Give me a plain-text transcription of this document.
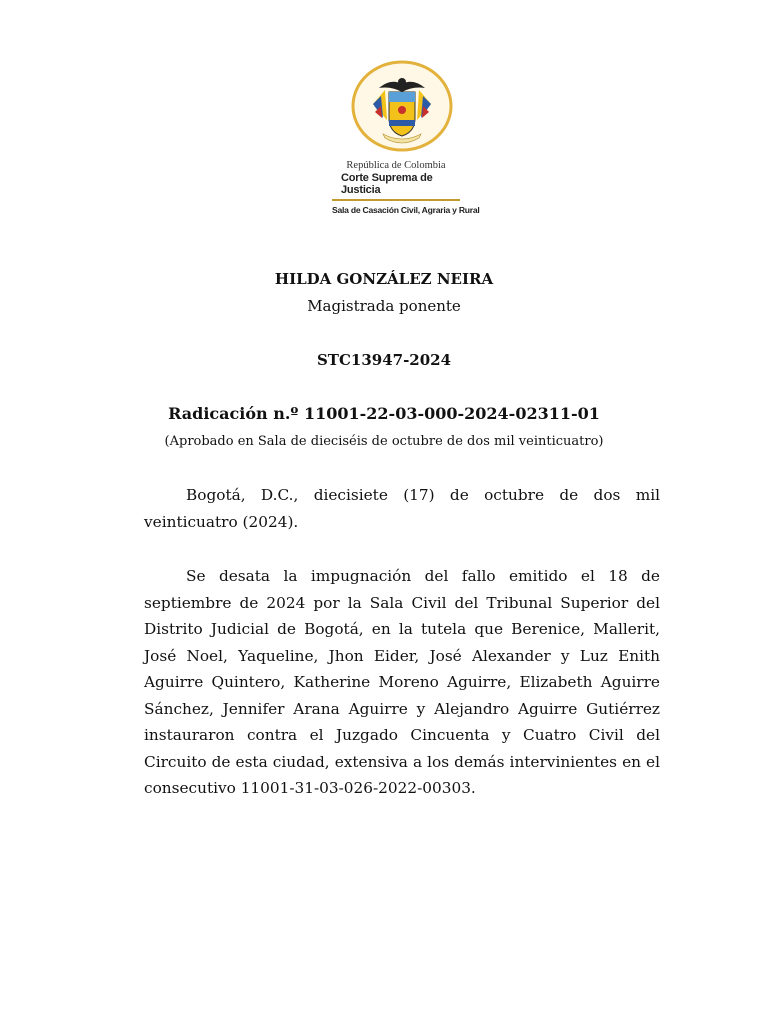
República de Colombia
Corte Suprema de Justicia
Sala de Casación Civil, Agraria y Rural
HILDA GONZÁLEZ NEIRA
Magistrada ponente
STC13947-2024
Radicación n.º 11001-22-03-000-2024-02311-01
(Aprobado en Sala de dieciséis de octubre de dos mil veinticuatro)

Bogotá, D.C., diecisiete (17) de octubre de dos mil veinticuatro (2024).

Se desata la impugnación del fallo emitido el 18 de septiembre de 2024 por la Sala Civil del Tribunal Superior del Distrito Judicial de Bogotá, en la tutela que Berenice, Mallerit, José Noel, Yaqueline, Jhon Eider, José Alexander y Luz Enith Aguirre Quintero, Katherine Moreno Aguirre, Elizabeth Aguirre Sánchez, Jennifer Arana Aguirre y Alejandro Aguirre Gutiérrez instauraron contra el Juzgado Cincuenta y Cuatro Civil del Circuito de esta ciudad, extensiva a los demás intervinientes en el consecutivo 11001-31-03-026-2022-00303.
